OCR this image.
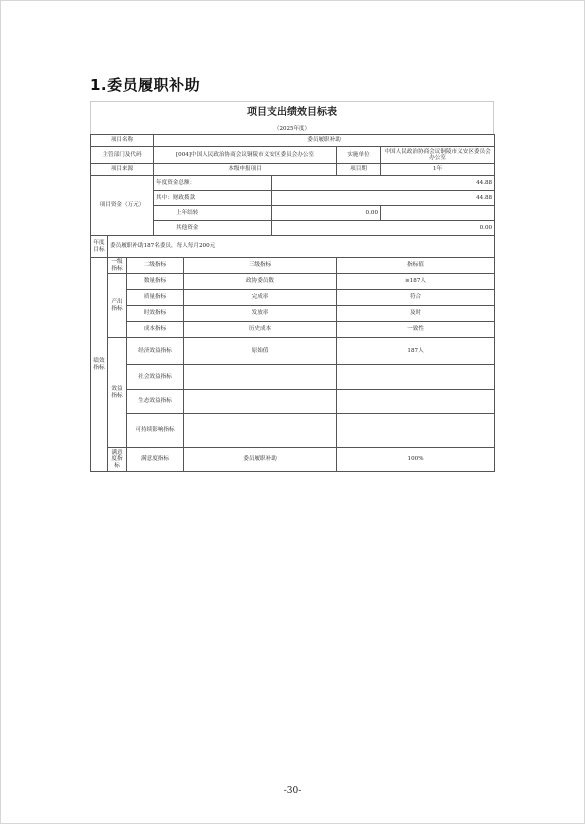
1.委员履职补助
项目支出绩效目标表
（2025年度）
项目名称			委员履职补助				
主管部门及代码			[004]中国人民政治协商会议铜陵市义安区委员会办公室			实施单位	中国人民政治协商会议铜陵市义安区委员会办公室
项目来源			本级申报项目			项目期	1年
项目资金（万元）			年度资金总额：		44.88		
			其中：财政拨款		44.88		
			上年结转		0.00		
			其他资金		0.00		
年度目标	委员履职补助187名委员，每人每月200元						
绩效指标	一级指标	二级指标		三级指标		指标值	
	产出指标	数量指标		政协委员数		≥187人	
		质量指标		完成率		符合	
		时效指标		发放率		及时	
		成本指标		历史成本		一致性	
	效益指标	经济效益指标		原始值		187人	
		社会效益指标					
		生态效益指标					
		可持续影响指标					
	满意度指标	满意度指标		委员履职补助		100%	
-30-
